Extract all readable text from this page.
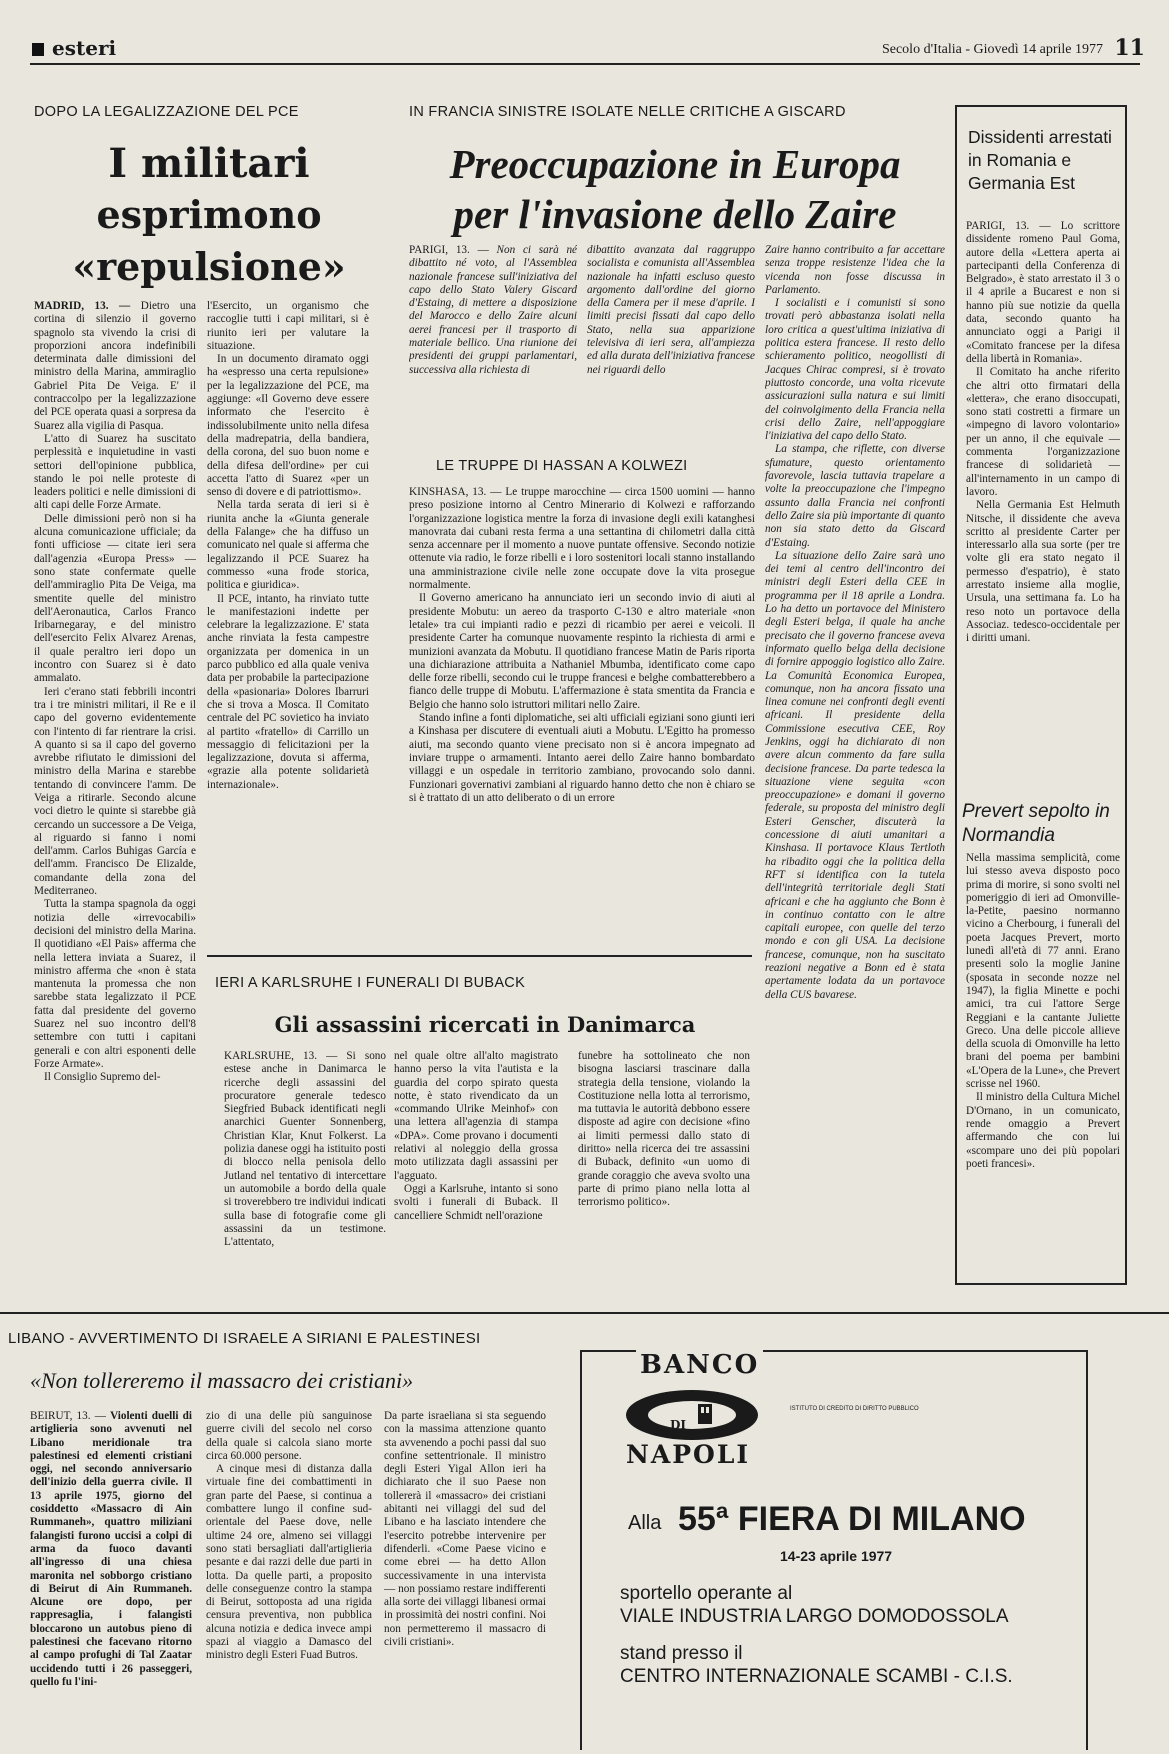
esteri	Secolo d'Italia - Giovedì 14 aprile 1977 11
DOPO LA LEGALIZZAZIONE DEL PCE
I militari
esprimono
«repulsione»

MADRID, 13. — Dietro una cortina di silenzio il governo spagnolo sta vivendo la crisi di proporzioni ancora indefinibili determinata dalle dimissioni del ministro della Marina, ammiraglio Gabriel Pita De Veiga. E' il contraccolpo per la legalizzazione del PCE operata quasi a sorpresa da Suarez alla vigilia di Pasqua.

L'atto di Suarez ha suscitato perplessità e inquietudine in vasti settori dell'opinione pubblica, stando le poi nelle proteste di leaders politici e nelle dimissioni di alti capi delle Forze Armate.

Delle dimissioni però non si ha alcuna comunicazione ufficiale; da fonti ufficiose — citate ieri sera dall'agenzia «Europa Press» — sono state confermate quelle dell'ammiraglio Pita De Veiga, ma smentite quelle del ministro dell'Aeronautica, Carlos Franco Iribarnegaray, e del ministro dell'esercito Felix Alvarez Arenas, il quale peraltro ieri dopo un incontro con Suarez si è dato ammalato.

Ieri c'erano stati febbrili incontri tra i tre ministri militari, il Re e il capo del governo evidentemente con l'intento di far rientrare la crisi. A quanto si sa il capo del governo avrebbe rifiutato le dimissioni del ministro della Marina e starebbe tentando di convincere l'amm. De Veiga a ritirarle. Secondo alcune voci dietro le quinte si starebbe già cercando un successore a De Veiga, al riguardo si fanno i nomi dell'amm. Carlos Buhigas García e dell'amm. Francisco De Elizalde, comandante della zona del Mediterraneo.

Tutta la stampa spagnola da oggi notizia delle «irrevocabili» decisioni del ministro della Marina. Il quotidiano «El Pais» afferma che nella lettera inviata a Suarez, il ministro afferma che «non è stata mantenuta la promessa che non sarebbe stata legalizzato il PCE fatta dal presidente del governo Suarez nel suo incontro dell'8 settembre con tutti i capitani generali e con altri esponenti delle Forze Armate».

Il Consiglio Supremo del-

l'Esercito, un organismo che raccoglie tutti i capi militari, si è riunito ieri per valutare la situazione.

In un documento diramato oggi ha «espresso una certa repulsione» per la legalizzazione del PCE, ma aggiunge: «Il Governo deve essere informato che l'esercito è indissolubilmente unito nella difesa della madrepatria, della bandiera, della corona, del suo buon nome e della difesa dell'ordine» per cui accetta l'atto di Suarez «per un senso di dovere e di patriottismo».

Nella tarda serata di ieri si è riunita anche la «Giunta generale della Falange» che ha diffuso un comunicato nel quale si afferma che legalizzando il PCE Suarez ha commesso «una frode storica, politica e giuridica».

Il PCE, intanto, ha rinviato tutte le manifestazioni indette per celebrare la legalizzazione. E' stata anche rinviata la festa campestre organizzata per domenica in un parco pubblico ed alla quale veniva data per probabile la partecipazione della «pasionaria» Dolores Ibarruri che si trova a Mosca. Il Comitato centrale del PC sovietico ha inviato al partito «fratello» di Carrillo un messaggio di felicitazioni per la legalizzazione, dovuta si afferma, «grazie alla potente solidarietà internazionale».

IN FRANCIA SINISTRE ISOLATE NELLE CRITICHE A GISCARD
Preoccupazione in Europa
per l'invasione dello Zaire

PARIGI, 13. — Non ci sarà né dibattito né voto, al l'Assemblea nazionale francese sull'iniziativa del capo dello Stato Valery Giscard d'Estaing, di mettere a disposizione del Marocco e dello Zaire alcuni aerei francesi per il trasporto di materiale bellico. Una riunione dei presidenti dei gruppi parlamentari, successiva alla richiesta di

dibattito avanzata dal raggruppo socialista e comunista all'Assemblea nazionale ha infatti escluso questo argomento dall'ordine del giorno della Camera per il mese d'aprile. I limiti precisi fissati dal capo dello Stato, nella sua apparizione televisiva di ieri sera, all'ampiezza ed alla durata dell'iniziativa francese nei riguardi dello

Zaire hanno contribuito a far accettare senza troppe resistenze l'idea che la vicenda non fosse discussa in Parlamento.

I socialisti e i comunisti si sono trovati però abbastanza isolati nella loro critica a quest'ultima iniziativa di politica estera francese. Il resto dello schieramento politico, neogollisti di Jacques Chirac compresi, si è trovato piuttosto concorde, una volta ricevute assicurazioni sulla natura e sui limiti del coinvolgimento della Francia nella crisi dello Zaire, nell'appoggiare l'iniziativa del capo dello Stato.

La stampa, che riflette, con diverse sfumature, questo orientamento favorevole, lascia tuttavia trapelare a volte la preoccupazione che l'impegno assunto dalla Francia nei confronti dello Zaire sia più importante di quanto non sia stato detto da Giscard d'Estaing.

La situazione dello Zaire sarà uno dei temi al centro dell'incontro dei ministri degli Esteri della CEE in programma per il 18 aprile a Londra. Lo ha detto un portavoce del Ministero degli Esteri belga, il quale ha anche precisato che il governo francese aveva informato quello belga della decisione di fornire appoggio logistico allo Zaire. La Comunità Economica Europea, comunque, non ha ancora fissato una linea comune nei confronti degli eventi africani. Il presidente della Commissione esecutiva CEE, Roy Jenkins, oggi ha dichiarato di non avere alcun commento da fare sulla decisione francese. Da parte tedesca la situazione viene seguita «con preoccupazione» e domani il governo federale, su proposta del ministro degli Esteri Genscher, discuterà la concessione di aiuti umanitari a Kinshasa. Il portavoce Klaus Tertloth ha ribadito oggi che la politica della RFT si identifica con la tutela dell'integrità territoriale degli Stati africani e che ha aggiunto che Bonn è in continuo contatto con le altre capitali europee, con quelle del terzo mondo e con gli USA. La decisione francese, comunque, non ha suscitato reazioni negative a Bonn ed è stata apertamente lodata da un portavoce della CUS bavarese.

LE TRUPPE DI HASSAN A KOLWEZI

KINSHASA, 13. — Le truppe marocchine — circa 1500 uomini — hanno preso posizione intorno al Centro Minerario di Kolwezi e rafforzando l'organizzazione logistica mentre la forza di invasione degli exili katanghesi manovrata dai cubani resta ferma a una settantina di chilometri dalla città senza accennare per il momento a nuove puntate offensive. Secondo notizie ottenute via radio, le forze ribelli e i loro sostenitori locali stanno installando una amministrazione civile nelle zone occupate dove la vita prosegue normalmente.

Il Governo americano ha annunciato ieri un secondo invio di aiuti al presidente Mobutu: un aereo da trasporto C-130 e altro materiale «non letale» tra cui impianti radio e pezzi di ricambio per aerei e veicoli. Il presidente Carter ha comunque nuovamente respinto la richiesta di armi e munizioni avanzata da Mobutu. Il quotidiano francese Matin de Paris riporta una dichiarazione attribuita a Nathaniel Mbumba, identificato come capo delle forze ribelli, secondo cui le truppe francesi e belghe combatterebbero a fianco delle truppe di Mobutu. L'affermazione è stata smentita da Francia e Belgio che hanno solo istruttori militari nello Zaire.

Stando infine a fonti diplomatiche, sei alti ufficiali egiziani sono giunti ieri a Kinshasa per discutere di eventuali aiuti a Mobutu. L'Egitto ha promesso aiuti, ma secondo quanto viene precisato non si è ancora impegnato ad inviare truppe o armamenti. Intanto aerei dello Zaire hanno bombardato villaggi e un ospedale in territorio zambiano, provocando solo danni. Funzionari governativi zambiani al riguardo hanno detto che non è chiaro se si è trattato di un atto deliberato o di un errore

Dissidenti arrestati in Romania e Germania Est

PARIGI, 13. — Lo scrittore dissidente romeno Paul Goma, autore della «Lettera aperta ai partecipanti della Conferenza di Belgrado», è stato arrestato il 3 o il 4 aprile a Bucarest e non si hanno più sue notizie da quella data, secondo quanto ha annunciato oggi a Parigi il «Comitato francese per la difesa della libertà in Romania».

Il Comitato ha anche riferito che altri otto firmatari della «lettera», che erano disoccupati, sono stati costretti a firmare un «impegno di lavoro volontario» per un anno, il che equivale — commenta l'organizzazione francese di solidarietà — all'internamento in un campo di lavoro.

Nella Germania Est Helmuth Nitsche, il dissidente che aveva scritto al presidente Carter per interessarlo alla sua sorte (per tre volte gli era stato negato il permesso d'espatrio), è stato arrestato insieme alla moglie, Ursula, una settimana fa. Lo ha reso noto un portavoce della Associaz. tedesco-occidentale per i diritti umani.

Prevert sepolto in Normandia

Nella massima semplicità, come lui stesso aveva disposto poco prima di morire, si sono svolti nel pomeriggio di ieri ad Omonville-la-Petite, paesino normanno vicino a Cherbourg, i funerali del poeta Jacques Prevert, morto lunedì all'età di 77 anni. Erano presenti solo la moglie Janine (sposata in seconde nozze nel 1947), la figlia Minette e pochi amici, tra cui l'attore Serge Reggiani e la cantante Juliette Greco. Una delle piccole allieve della scuola di Omonville ha letto brani del poema per bambini «L'Opera de la Lune», che Prevert scrisse nel 1960.

Il ministro della Cultura Michel D'Ornano, in un comunicato, rende omaggio a Prevert affermando che con lui «scompare uno dei più popolari poeti francesi».

IERI A KARLSRUHE I FUNERALI DI BUBACK
Gli assassini ricercati in Danimarca

KARLSRUHE, 13. — Si sono estese anche in Danimarca le ricerche degli assassini del procuratore generale tedesco Siegfried Buback identificati negli anarchici Guenter Sonnenberg, Christian Klar, Knut Folkerst. La polizia danese oggi ha istituito posti di blocco nella penisola dello Jutland nel tentativo di intercettare un automobile a bordo della quale si troverebbero tre individui indicati sulla base di fotografie come gli assassini da un testimone. L'attentato,

nel quale oltre all'alto magistrato hanno perso la vita l'autista e la guardia del corpo spirato questa notte, è stato rivendicato da un «commando Ulrike Meinhof» con una lettera all'agenzia di stampa «DPA». Come provano i documenti relativi al noleggio della grossa moto utilizzata dagli assassini per l'agguato.

Oggi a Karlsruhe, intanto si sono svolti i funerali di Buback. Il cancelliere Schmidt nell'orazione

funebre ha sottolineato che non bisogna lasciarsi trascinare dalla strategia della tensione, violando la Costituzione nella lotta al terrorismo, ma tuttavia le autorità debbono essere disposte ad agire con decisione «fino ai limiti permessi dallo stato di diritto» nella ricerca dei tre assassini di Buback, definito «un uomo di grande coraggio che aveva svolto una parte di primo piano nella lotta al terrorismo politico».

LIBANO - AVVERTIMENTO DI ISRAELE A SIRIANI E PALESTINESI
«Non tollereremo il massacro dei cristiani»

BEIRUT, 13. — Violenti duelli di artiglieria sono avvenuti nel Libano meridionale tra palestinesi ed elementi cristiani oggi, nel secondo anniversario dell'inizio della guerra civile. Il 13 aprile 1975, giorno del cosiddetto «Massacro di Ain Rummaneh», quattro miliziani falangisti furono uccisi a colpi di arma da fuoco davanti all'ingresso di una chiesa maronita nel sobborgo cristiano di Beirut di Ain Rummaneh. Alcune ore dopo, per rappresaglia, i falangisti bloccarono un autobus pieno di palestinesi che facevano ritorno al campo profughi di Tal Zaatar uccidendo tutti i 26 passeggeri, quello fu l'ini-

zio di una delle più sanguinose guerre civili del secolo nel corso della quale si calcola siano morte circa 60.000 persone.

A cinque mesi di distanza dalla virtuale fine dei combattimenti in gran parte del Paese, si continua a combattere lungo il confine sud-orientale del Paese dove, nelle ultime 24 ore, almeno sei villaggi sono stati bersagliati dall'artiglieria pesante e dai razzi delle due parti in lotta. Da quelle parti, a proposito delle conseguenze contro la stampa di Beirut, sottoposta ad una rigida censura preventiva, non pubblica alcuna notizia e dedica invece ampi spazi al viaggio a Damasco del ministro degli Esteri Fuad Butros.

Da parte israeliana si sta seguendo con la massima attenzione quanto sta avvenendo a pochi passi dal suo confine settentrionale. Il ministro degli Esteri Yigal Allon ieri ha dichiarato che il suo Paese non tollererà il «massacro» dei cristiani abitanti nei villaggi del sud del Libano e ha lasciato intendere che l'esercito potrebbe intervenire per difenderli. «Come Paese vicino e come ebrei — ha detto Allon successivamente in una intervista — non possiamo restare indifferenti alla sorte dei villaggi libanesi ormai in prossimità dei nostri confini. Noi non permetteremo il massacro di civili cristiani».

BANCO
DI
NAPOLI
ISTITUTO DI CREDITO DI DIRITTO PUBBLICO
Alla 55ª FIERA DI MILANO
14-23 aprile 1977
sportello operante al
VIALE INDUSTRIA LARGO DOMODOSSOLA
stand presso il
CENTRO INTERNAZIONALE SCAMBI - C.I.S.
